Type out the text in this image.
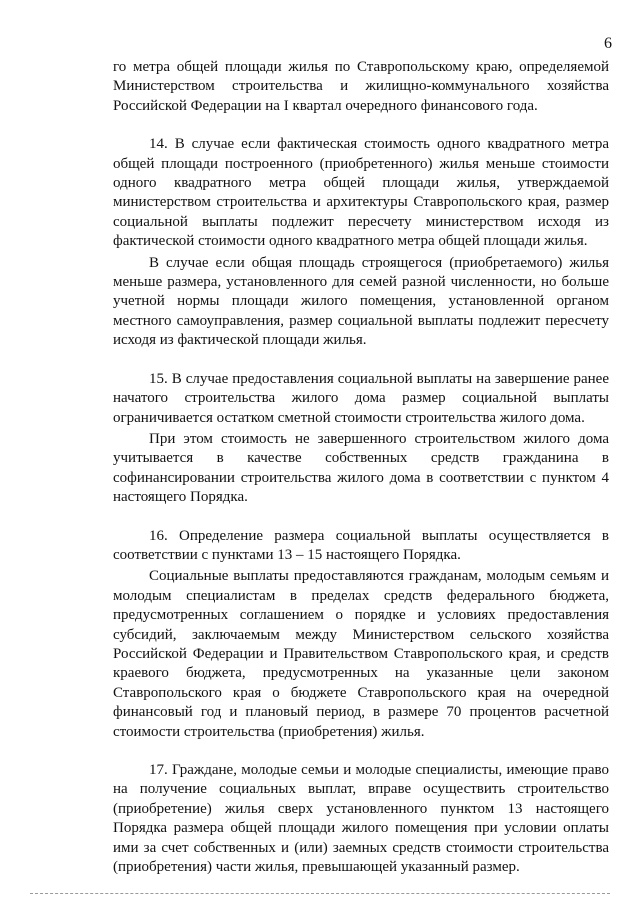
6

го метра общей площади жилья по Ставропольскому краю, определяемой Министерством строительства и жилищно-коммунального хозяйства Российской Федерации на I квартал очередного финансового года.

14. В случае если фактическая стоимость одного квадратного метра общей площади построенного (приобретенного) жилья меньше стоимости одного квадратного метра общей площади жилья, утверждаемой министерством строительства и архитектуры Ставропольского края, размер социальной выплаты подлежит пересчету министерством исходя из фактической стоимости одного квадратного метра общей площади жилья.

В случае если общая площадь строящегося (приобретаемого) жилья меньше размера, установленного для семей разной численности, но больше учетной нормы площади жилого помещения, установленной органом местного самоуправления, размер социальной выплаты подлежит пересчету исходя из фактической площади жилья.

15. В случае предоставления социальной выплаты на завершение ранее начатого строительства жилого дома размер социальной выплаты ограничивается остатком сметной стоимости строительства жилого дома.

При этом стоимость не завершенного строительством жилого дома учитывается в качестве собственных средств гражданина в софинансировании строительства жилого дома в соответствии с пунктом 4 настоящего Порядка.

16. Определение размера социальной выплаты осуществляется в соответствии с пунктами 13 – 15 настоящего Порядка.

Социальные выплаты предоставляются гражданам, молодым семьям и молодым специалистам в пределах средств федерального бюджета, предусмотренных соглашением о порядке и условиях предоставления субсидий, заключаемым между Министерством сельского хозяйства Российской Федерации и Правительством Ставропольского края, и средств краевого бюджета, предусмотренных на указанные цели законом Ставропольского края о бюджете Ставропольского края на очередной финансовый год и плановый период, в размере 70 процентов расчетной стоимости строительства (приобретения) жилья.

17. Граждане, молодые семьи и молодые специалисты, имеющие право на получение социальных выплат, вправе осуществить строительство (приобретение) жилья сверх установленного пунктом 13 настоящего Порядка размера общей площади жилого помещения при условии оплаты ими за счет собственных и (или) заемных средств стоимости строительства (приобретения) части жилья, превышающей указанный размер.
